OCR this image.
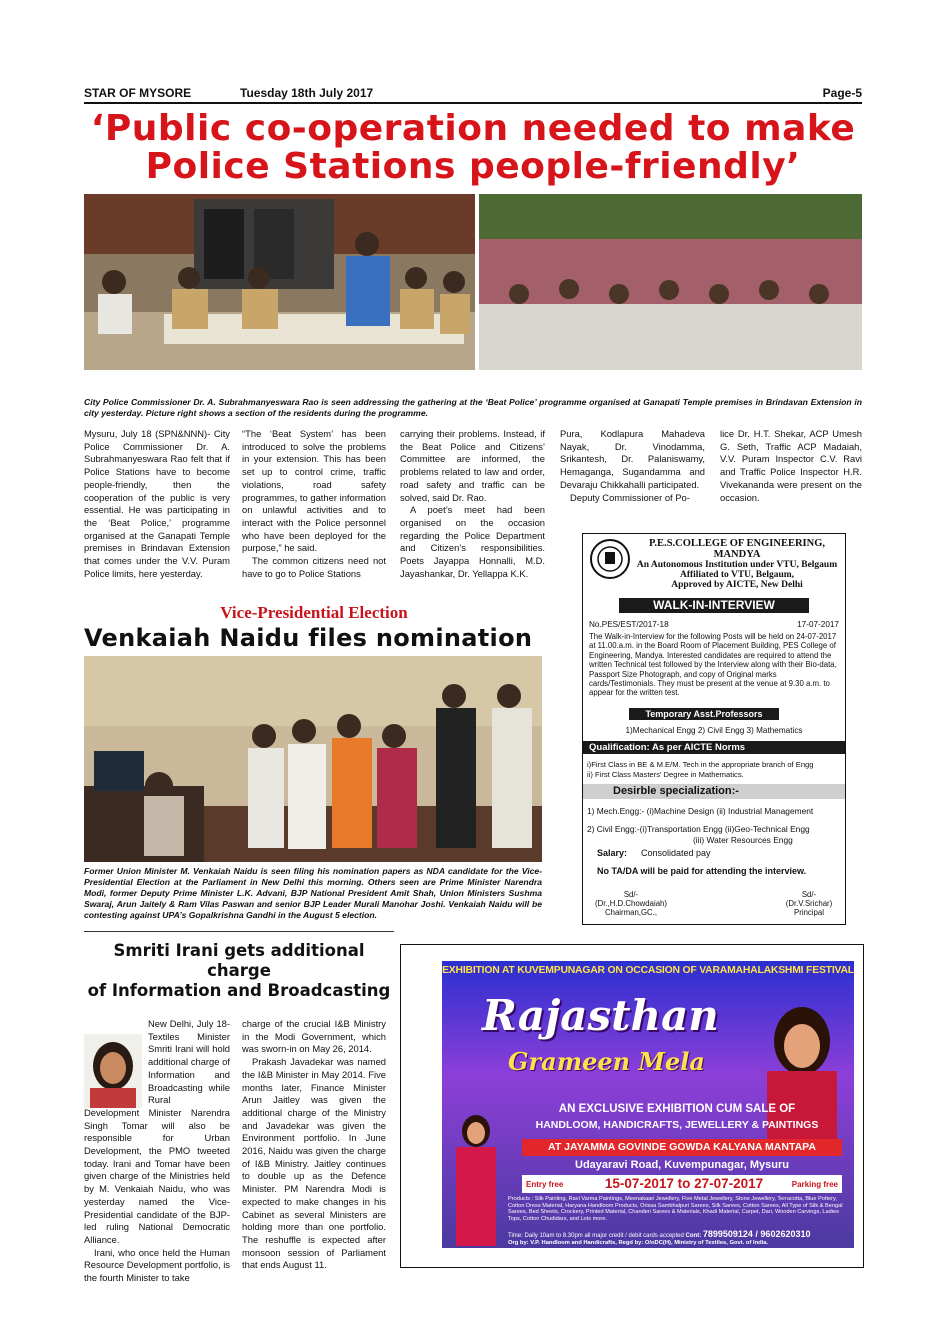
STAR OF MYSORE	Tuesday 18th July 2017	Page-5
‘Public co-operation needed to make
Police Stations people-friendly’
City Police Commissioner Dr. A. Subrahmanyeswara Rao is seen addressing the gathering at the ‘Beat Police’ programme organised at Ganapati Temple premises in Brindavan Extension in city yesterday. Picture right shows a section of the residents during the programme.

Mysuru, July 18 (SPN&NNN)- City Police Commissioner Dr. A. Subrahmanyeswara Rao felt that if Police Stations have to become people-friendly, then the cooperation of the public is very essential. He was participating in the ‘Beat Police,’ programme organised at the Ganapati Temple premises in Brindavan Extension that comes under the V.V. Puram Police limits, here yesterday.

“The ‘Beat System’ has been introduced to solve the problems in your extension. This has been set up to control crime, traffic violations, road safety programmes, to gather information on unlawful activities and to interact with the Police personnel who have been deployed for the purpose,” he said.

The common citizens need not have to go to Police Stations

carrying their problems. Instead, if the Beat Police and Citizens’ Committee are informed, the problems related to law and order, road safety and traffic can be solved, said Dr. Rao.

A poet’s meet had been organised on the occasion regarding the Police Department and Citizen’s responsibilities. Poets Jayappa Honnalli, M.D. Jayashankar, Dr. Yellappa K.K.

Pura, Kodlapura Mahadeva Nayak, Dr. Vinodamma, Srikantesh, Dr. Palaniswamy, Hemaganga, Sugandamma and Devaraju Chikkahalli participated.

Deputy Commissioner of Po-

lice Dr. H.T. Shekar, ACP Umesh G. Seth, Traffic ACP Madaiah, V.V. Puram Inspector C.V. Ravi and Traffic Police Inspector H.R. Vivekananda were present on the occasion.

Vice-Presidential Election
Venkaiah Naidu files nomination
Former Union Minister M. Venkaiah Naidu is seen filing his nomination papers as NDA candidate for the Vice-Presidential Election at the Parliament in New Delhi this morning. Others seen are Prime Minister Narendra Modi, former Deputy Prime Minister L.K. Advani, BJP National President Amit Shah, Union Ministers Sushma Swaraj, Arun Jaitely & Ram Vilas Paswan and senior BJP Leader Murali Manohar Joshi. Venkaiah Naidu will be contesting against UPA’s Gopalkrishna Gandhi in the August 5 election.
Smriti Irani gets additional charge
of Information and Broadcasting

New Delhi, July 18- Textiles Minister Smriti Irani will hold additional charge of Information and Broadcasting while Rural

Development Minister Narendra Singh Tomar will also be responsible for Urban Development, the PMO tweeted today. Irani and Tomar have been given charge of the Ministries held by M. Venkaiah Naidu, who was yesterday named the Vice-Presidential candidate of the BJP-led ruling National Democratic Alliance.

Irani, who once held the Human Resource Development portfolio, is the fourth Minister to take

charge of the crucial I&B Ministry in the Modi Government, which was sworn-in on May 26, 2014.

Prakash Javadekar was named the I&B Minister in May 2014. Five months later, Finance Minister Arun Jaitley was given the additional charge of the Ministry and Javadekar was given the Environment portfolio. In June 2016, Naidu was given the charge of I&B Ministry. Jaitley continues to double up as the Defence Minister. PM Narendra Modi is expected to make changes in his Cabinet as several Ministers are holding more than one portfolio. The reshuffle is expected after monsoon session of Parliament that ends August 11.

P.E.S.COLLEGE OF ENGINEERING, MANDYA
An Autonomous Institution under VTU, Belgaum
Affiliated to VTU, Belgaum,
Approved by AICTE, New Delhi
WALK-IN-INTERVIEW
No.PES/EST/2017-18	17-07-2017
The Walk-in-Interview for the following Posts will be held on 24-07-2017 at 11.00.a.m. in the Board Room of Placement Building, PES College of Engineering, Mandya. Interested candidates are required to attend the written Technical test followed by the Interview along with their Bio-data, Passport Size Photograph, and copy of Original marks cards/Testimonials. They must be present at the venue at 9.30 a.m. to appear for the written test.
Temporary Asst.Professors
1)Mechanical Engg 2) Civil Engg 3) Mathematics
Qualification: As per AICTE Norms
i)First Class in BE & M.E/M. Tech in the appropriate branch of Engg
ii) First Class Masters' Degree in Mathematics.
Desirble specialization:-
1) Mech.Engg:- (i)Machine Design (ii) Industrial Management
2) Civil Engg:-(i)Transportation Engg (ii)Geo-Technical Engg
(iii) Water Resources Engg
Salary: Consolidated pay
No TA/DA will be paid for attending the interview.
Sd/-
(Dr.,H.D.Chowdaiah)
Chairman,GC.,
Sd/-
(Dr.V.Srichar)
Principal
EXHIBITION AT KUVEMPUNAGAR ON OCCASION OF VARAMAHALAKSHMI FESTIVAL
Rajasthan
Grameen Mela
AN EXCLUSIVE EXHIBITION CUM SALE OF
HANDLOOM, HANDICRAFTS, JEWELLERY & PAINTINGS
AT JAYAMMA GOVINDE GOWDA KALYANA MANTAPA
Udayaravi Road, Kuvempunagar, Mysuru
Entry free	15-07-2017 to 27-07-2017	Parking free
Products : Silk Painting, Ravi Varma Paintings, Meenakaari Jewellery, Five Metal Jewellery, Stone Jewellery, Terracotta, Blue Pottery, Cotton Dress Material, Haryana Handloom Products, Orissa Sambhalpuri Sarees, Silk Sarees, Cotton Sarees, All Type of Silk & Bengal Sarees, Bed Sheets, Crockery, Printed Material, Chanderi Sarees & Materials, Khadi Material, Carpet, Dari, Wooden Carvings, Ladies Tops, Cotton Chudidars, and Lots more.
Time: Daily 10am to 8.30pm all major credit / debit cards accepted Cont: 7899509124 / 9602620310
Org by: V.P. Handloom and Handicrafts, Regd by: O/oDC(H), Ministry of Textiles, Govt. of India.
